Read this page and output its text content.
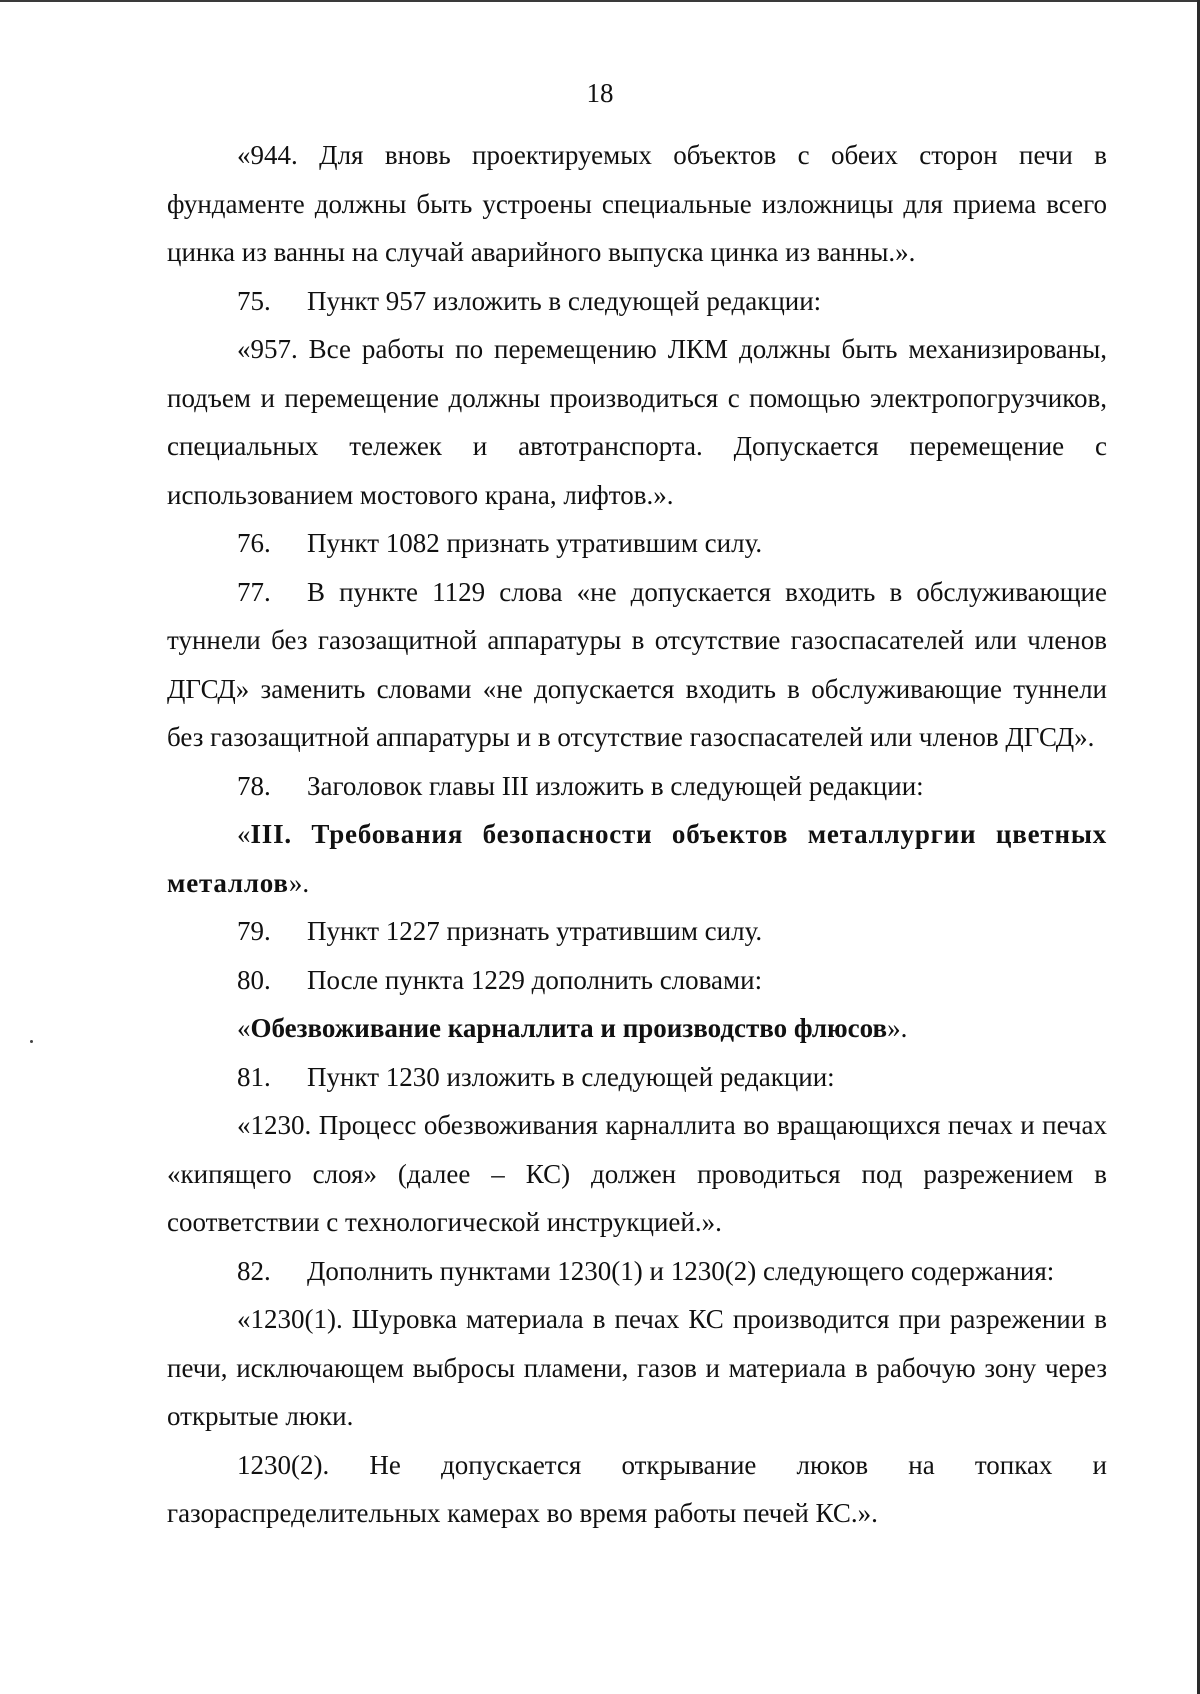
18

«944. Для вновь проектируемых объектов с обеих сторон печи в фундаменте должны быть устроены специальные изложницы для приема всего цинка из ванны на случай аварийного выпуска цинка из ванны.».

75. Пункт 957 изложить в следующей редакции:

«957. Все работы по перемещению ЛКМ должны быть механизированы, подъем и перемещение должны производиться с помощью электропогрузчиков, специальных тележек и автотранспорта. Допускается перемещение с использованием мостового крана, лифтов.».

76. Пункт 1082 признать утратившим силу.

77. В пункте 1129 слова «не допускается входить в обслуживающие туннели без газозащитной аппаратуры в отсутствие газоспасателей или членов ДГСД» заменить словами «не допускается входить в обслуживающие туннели без газозащитной аппаратуры и в отсутствие газоспасателей или членов ДГСД».

78. Заголовок главы III изложить в следующей редакции:

«III. Требования безопасности объектов металлургии цветных металлов».

79. Пункт 1227 признать утратившим силу.

80. После пункта 1229 дополнить словами:

«Обезвоживание карналлита и производство флюсов».

81. Пункт 1230 изложить в следующей редакции:

«1230. Процесс обезвоживания карналлита во вращающихся печах и печах «кипящего слоя» (далее – КС) должен проводиться под разрежением в соответствии с технологической инструкцией.».

82. Дополнить пунктами 1230(1) и 1230(2) следующего содержания:

«1230(1). Шуровка материала в печах КС производится при разрежении в печи, исключающем выбросы пламени, газов и материала в рабочую зону через открытые люки.

1230(2). Не допускается открывание люков на топках и газораспределительных камерах во время работы печей КС.».
